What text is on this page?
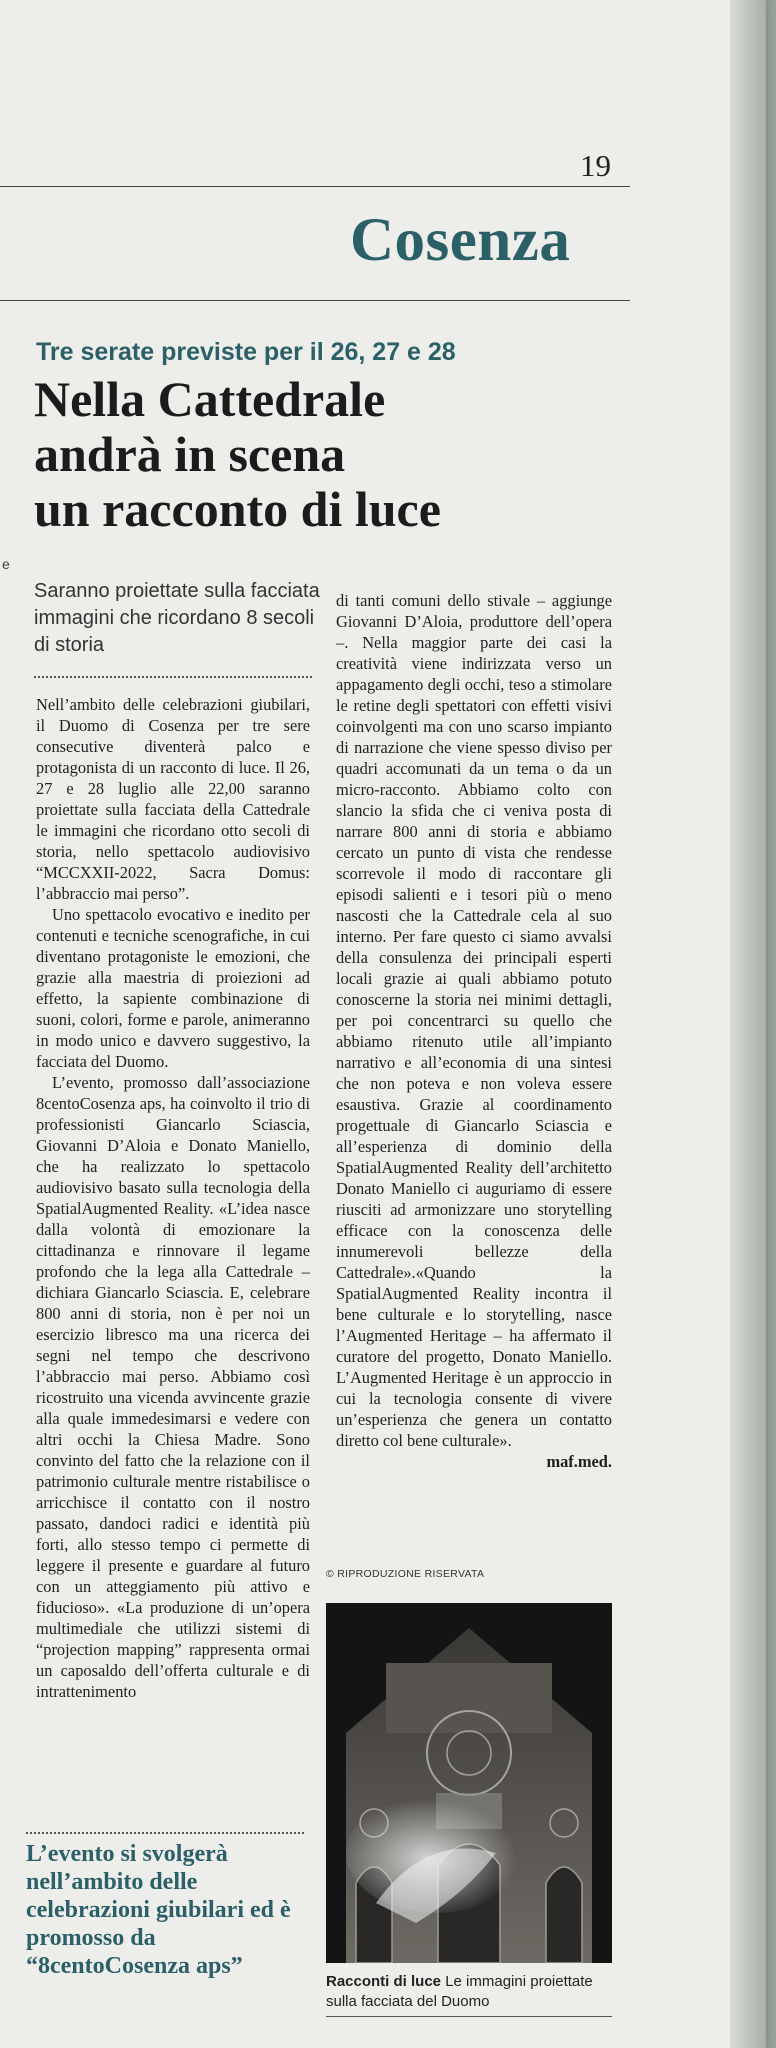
19
Cosenza
e
Tre serate previste per il 26, 27 e 28
Nella Cattedrale
andrà in scena
un racconto di luce
Saranno proiettate sulla facciata immagini che ricordano 8 secoli di storia

Nell’ambito delle celebrazioni giubilari, il Duomo di Cosenza per tre sere consecutive diventerà palco e protagonista di un racconto di luce. Il 26, 27 e 28 luglio alle 22,00 saranno proiettate sulla facciata della Cattedrale le immagini che ricordano otto secoli di storia, nello spettacolo audiovisivo “MCCXXII-2022, Sacra Domus: l’abbraccio mai perso”.

Uno spettacolo evocativo e inedito per contenuti e tecniche scenografiche, in cui diventano protagoniste le emozioni, che grazie alla maestria di proiezioni ad effetto, la sapiente combinazione di suoni, colori, forme e parole, animeranno in modo unico e davvero suggestivo, la facciata del Duomo.

L’evento, promosso dall’associazione 8centoCosenza aps, ha coinvolto il trio di professionisti Giancarlo Sciascia, Giovanni D’Aloia e Donato Maniello, che ha realizzato lo spettacolo audiovisivo basato sulla tecnologia della SpatialAugmented Reality. «L’idea nasce dalla volontà di emozionare la cittadinanza e rinnovare il legame profondo che la lega alla Cattedrale – dichiara Giancarlo Sciascia. E, celebrare 800 anni di storia, non è per noi un esercizio libresco ma una ricerca dei segni nel tempo che descrivono l’abbraccio mai perso. Abbiamo così ricostruito una vicenda avvincente grazie alla quale immedesimarsi e vedere con altri occhi la Chiesa Madre. Sono convinto del fatto che la relazione con il patrimonio culturale mentre ristabilisce o arricchisce il contatto con il nostro passato, dandoci radici e identità più forti, allo stesso tempo ci permette di leggere il presente e guardare al futuro con un atteggiamento più attivo e fiducioso». «La produzione di un’opera multimediale che utilizzi sistemi di “projection mapping” rappresenta ormai un caposaldo dell’offerta culturale e di intrattenimento

L’evento si svolgerà nell’ambito delle celebrazioni giubilari ed è promosso da “8centoCosenza aps”

di tanti comuni dello stivale – aggiunge Giovanni D’Aloia, produttore dell’opera –. Nella maggior parte dei casi la creatività viene indirizzata verso un appagamento degli occhi, teso a stimolare le retine degli spettatori con effetti visivi coinvolgenti ma con uno scarso impianto di narrazione che viene spesso diviso per quadri accomunati da un tema o da un micro-racconto. Abbiamo colto con slancio la sfida che ci veniva posta di narrare 800 anni di storia e abbiamo cercato un punto di vista che rendesse scorrevole il modo di raccontare gli episodi salienti e i tesori più o meno nascosti che la Cattedrale cela al suo interno. Per fare questo ci siamo avvalsi della consulenza dei principali esperti locali grazie ai quali abbiamo potuto conoscerne la storia nei minimi dettagli, per poi concentrarci su quello che abbiamo ritenuto utile all’impianto narrativo e all’economia di una sintesi che non poteva e non voleva essere esaustiva. Grazie al coordinamento progettuale di Giancarlo Sciascia e all’esperienza di dominio della SpatialAugmented Reality dell’architetto Donato Maniello ci auguriamo di essere riusciti ad armonizzare uno storytelling efficace con la conoscenza delle innumerevoli bellezze della Cattedrale».«Quando la SpatialAugmented Reality incontra il bene culturale e lo storytelling, nasce l’Augmented Heritage – ha affermato il curatore del progetto, Donato Maniello. L’Augmented Heritage è un approccio in cui la tecnologia consente di vivere un’esperienza che genera un contatto diretto col bene culturale».

maf.med.
© RIPRODUZIONE RISERVATA
Racconti di luce Le immagini proiettate sulla facciata del Duomo
